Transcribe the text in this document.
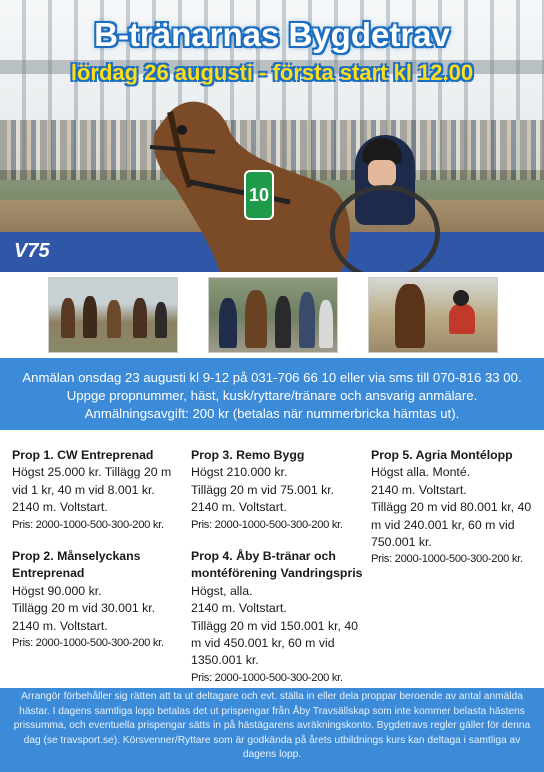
V75
10
B-tränarnas Bygdetrav
lördag 26 augusti - första start kl 12.00

Anmälan onsdag 23 augusti kl 9-12 på 031-706 66 10 eller via sms till 070-816 33 00.

Uppge propnummer, häst, kusk/ryttare/tränare och ansvarig anmälare.

Anmälningsavgift: 200 kr (betalas när nummerbricka hämtas ut).

Prop 1. CW Entreprenad
Högst 25.000 kr. Tillägg 20 m vid 1 kr, 40 m vid 8.001 kr.
2140 m. Voltstart.
Pris: 2000-1000-500-300-200 kr.
Prop 2. Månselyckans Entreprenad
Högst 90.000 kr.
Tillägg 20 m vid 30.001 kr.
2140 m. Voltstart.
Pris: 2000-1000-500-300-200 kr.
Prop 3. Remo Bygg
Högst 210.000 kr.
Tillägg 20 m vid 75.001 kr.
2140 m. Voltstart.
Pris: 2000-1000-500-300-200 kr.
Prop 4. Åby B-tränar och montéförening Vandringspris
Högst, alla.
2140 m. Voltstart.
Tillägg 20 m vid 150.001 kr, 40 m vid 450.001 kr, 60 m vid 1350.001 kr.
Pris: 2000-1000-500-300-200 kr.
Prop 5. Agria Montélopp
Högst alla. Monté.
2140 m. Voltstart.
Tillägg 20 m vid 80.001 kr, 40 m vid 240.001 kr, 60 m vid 750.001 kr.
Pris: 2000-1000-500-300-200 kr.

Arrangör förbehåller sig rätten att ta ut deltagare och evt. ställa in eller dela proppar beroende av antal anmälda hästar. I dagens samtliga lopp betalas det ut prispengar från Åby Travsällskap som inte kommer belasta hästens prissumma, och eventuella prispengar sätts in på hästägarens avräkningskonto. Bygdetravs regler gäller för denna dag (se travsport.se). Körsvenner/Ryttare som är godkända på årets utbildnings kurs kan deltaga i samtliga av dagens lopp.
